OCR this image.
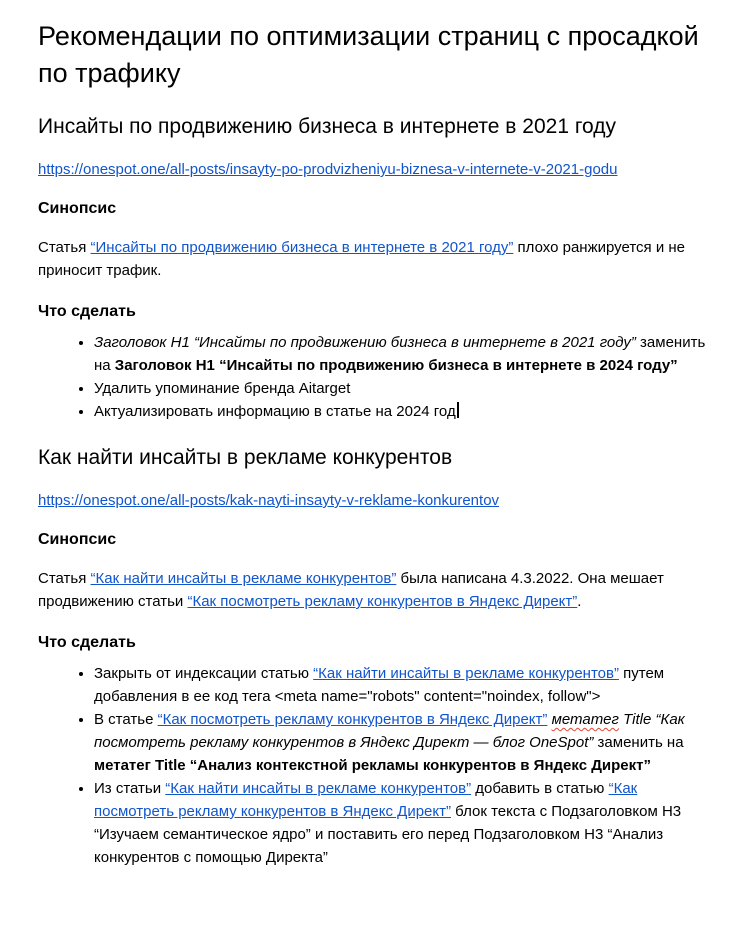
Рекомендации по оптимизации страниц с просадкой по трафику
Инсайты по продвижению бизнеса в интернете в 2021 году

https://onespot.one/all-posts/insayty-po-prodvizheniyu-biznesa-v-internete-v-2021-godu

Синопсис

Статья “Инсайты по продвижению бизнеса в интернете в 2021 году” плохо ранжируется и не приносит трафик.

Что сделать
• Заголовок H1 “Инсайты по продвижению бизнеса в интернете в 2021 году” заменить на Заголовок H1 “Инсайты по продвижению бизнеса в интернете в 2024 году”
• Удалить упоминание бренда Aitarget
• Актуализировать информацию в статье на 2024 год
Как найти инсайты в рекламе конкурентов

https://onespot.one/all-posts/kak-nayti-insayty-v-reklame-konkurentov

Синопсис

Статья “Как найти инсайты в рекламе конкурентов” была написана 4.3.2022. Она мешает продвижению статьи “Как посмотреть рекламу конкурентов в Яндекс Директ”.

Что сделать
• Закрыть от индексации статью “Как найти инсайты в рекламе конкурентов” путем добавления в ее код тега <meta name="robots" content="noindex, follow">
• В статье “Как посмотреть рекламу конкурентов в Яндекс Директ” метатег Title “Как посмотреть рекламу конкурентов в Яндекс Директ — блог OneSpot” заменить на метатег Title “Анализ контекстной рекламы конкурентов в Яндекс Директ”
• Из статьи “Как найти инсайты в рекламе конкурентов” добавить в статью “Как посмотреть рекламу конкурентов в Яндекс Директ” блок текста с Подзаголовком H3 “Изучаем семантическое ядро” и поставить его перед Подзаголовком H3 “Анализ конкурентов с помощью Директа”
